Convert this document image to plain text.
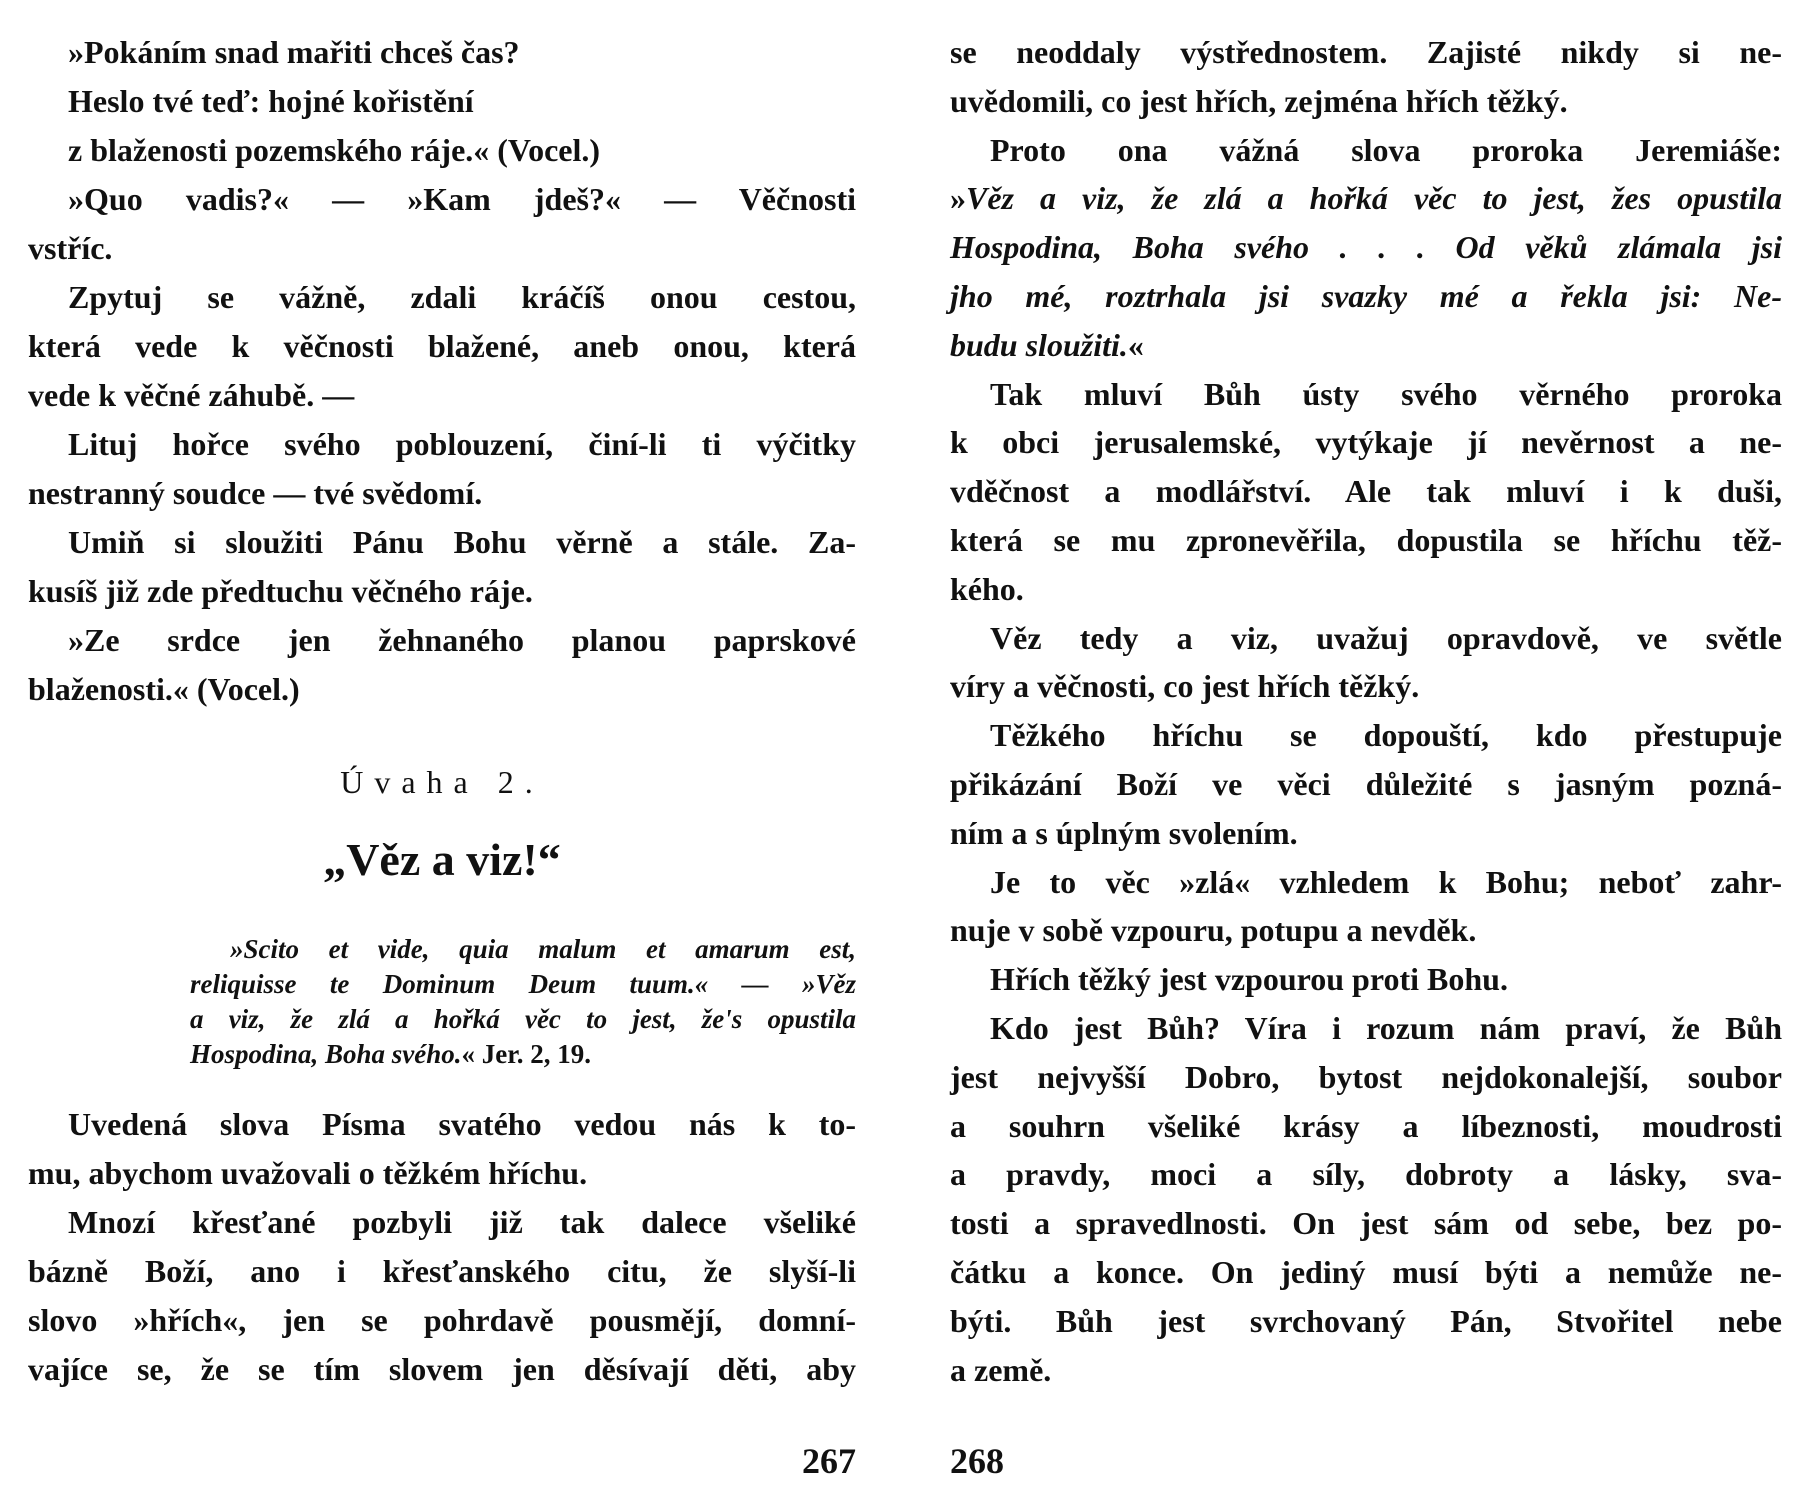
»Pokáním snad mařiti chceš čas?
Heslo tvé teď: hojné kořistění
z blaženosti pozemského ráje.« (Vocel.)
»Quo vadis?« — »Kam jdeš?« — Věčnosti
vstříc.
Zpytuj se vážně, zdali kráčíš onou cestou,
která vede k věčnosti blažené, aneb onou, která
vede k věčné záhubě. —
Lituj hořce svého poblouzení, činí-li ti výčitky
nestranný soudce — tvé svědomí.
Umiň si sloužiti Pánu Bohu věrně a stále. Za-
kusíš již zde předtuchu věčného ráje.
»Ze srdce jen žehnaného planou paprskové
blaženosti.« (Vocel.)
Úvaha 2.
„Věz a viz!“
»Scito et vide, quia malum et amarum est,
reliquisse te Dominum Deum tuum.« — »Věz
a viz, že zlá a hořká věc to jest, že's opustila
Hospodina, Boha svého.« Jer. 2, 19.
Uvedená slova Písma svatého vedou nás k to-
mu, abychom uvažovali o těžkém hříchu.
Mnozí křesťané pozbyli již tak dalece všeliké
bázně Boží, ano i křesťanského citu, že slyší-li
slovo »hřích«, jen se pohrdavě pousmějí, domní-
vajíce se, že se tím slovem jen děsívají děti, aby
267
se neoddaly výstřednostem. Zajisté nikdy si ne-
uvědomili, co jest hřích, zejména hřích těžký.
Proto ona vážná slova proroka Jeremiáše:
»Věz a viz, že zlá a hořká věc to jest, žes opustila
Hospodina, Boha svého . . . Od věků zlámala jsi
jho mé, roztrhala jsi svazky mé a řekla jsi: Ne-
budu sloužiti.«
Tak mluví Bůh ústy svého věrného proroka
k obci jerusalemské, vytýkaje jí nevěrnost a ne-
vděčnost a modlářství. Ale tak mluví i k duši,
která se mu zpronevěřila, dopustila se hříchu těž-
kého.
Věz tedy a viz, uvažuj opravdově, ve světle
víry a věčnosti, co jest hřích těžký.
Těžkého hříchu se dopouští, kdo přestupuje
přikázání Boží ve věci důležité s jasným pozná-
ním a s úplným svolením.
Je to věc »zlá« vzhledem k Bohu; neboť zahr-
nuje v sobě vzpouru, potupu a nevděk.
Hřích těžký jest vzpourou proti Bohu.
Kdo jest Bůh? Víra i rozum nám praví, že Bůh
jest nejvyšší Dobro, bytost nejdokonalejší, soubor
a souhrn všeliké krásy a líbeznosti, moudrosti
a pravdy, moci a síly, dobroty a lásky, sva-
tosti a spravedlnosti. On jest sám od sebe, bez po-
čátku a konce. On jediný musí býti a nemůže ne-
býti. Bůh jest svrchovaný Pán, Stvořitel nebe
a země.
268
